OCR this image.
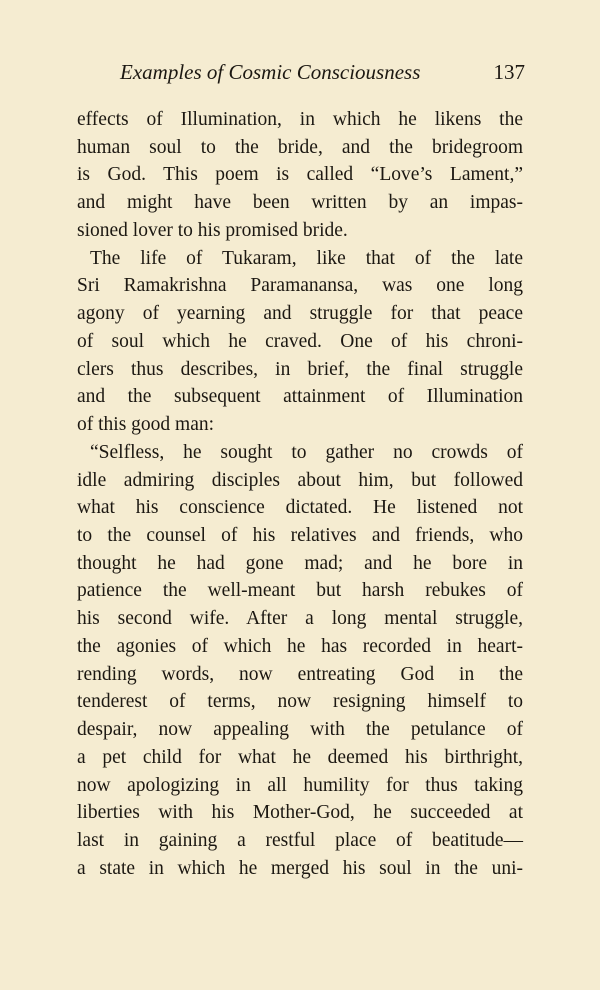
Examples of Cosmic Consciousness	137
effects of Illumination, in which he likens the
human soul to the bride, and the bridegroom
is God. This poem is called “Love’s Lament,”
and might have been written by an impas-
sioned lover to his promised bride.
The life of Tukaram, like that of the late
Sri Ramakrishna Paramanansa, was one long
agony of yearning and struggle for that peace
of soul which he craved. One of his chroni-
clers thus describes, in brief, the final struggle
and the subsequent attainment of Illumination
of this good man:
“Selfless, he sought to gather no crowds of
idle admiring disciples about him, but followed
what his conscience dictated. He listened not
to the counsel of his relatives and friends, who
thought he had gone mad; and he bore in
patience the well-meant but harsh rebukes of
his second wife. After a long mental struggle,
the agonies of which he has recorded in heart-
rending words, now entreating God in the
tenderest of terms, now resigning himself to
despair, now appealing with the petulance of
a pet child for what he deemed his birthright,
now apologizing in all humility for thus taking
liberties with his Mother-God, he succeeded at
last in gaining a restful place of beatitude—
a state in which he merged his soul in the uni-
